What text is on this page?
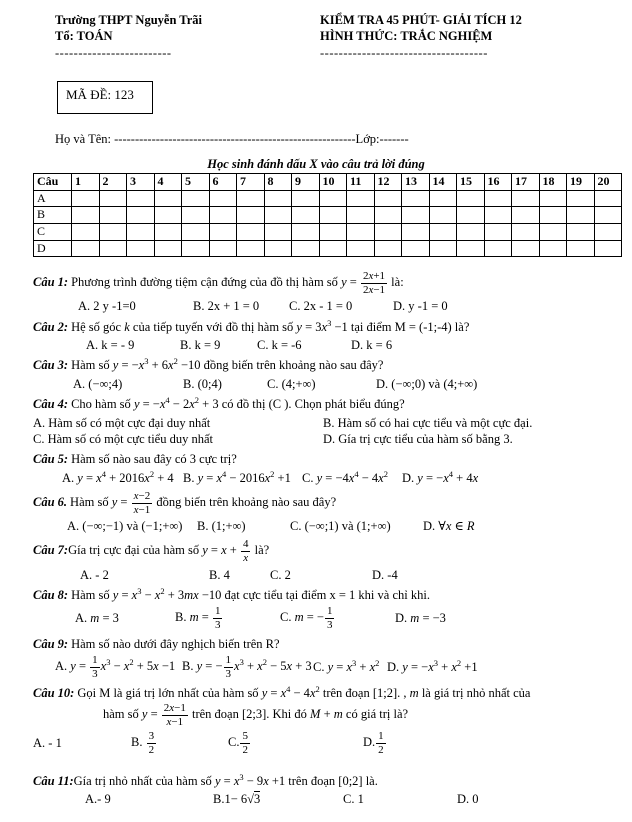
Trường THPT Nguyễn Trãi
Tổ: TOÁN
-------------------------
KIỂM TRA 45 PHÚT- GIẢI TÍCH 12
HÌNH THỨC: TRẮC NGHIỆM
------------------------------------
MÃ ĐỀ: 123
Họ và Tên: ----------------------------------------------------------Lớp:-------
Học sinh đánh dấu X vào câu trả lời đúng
Câu	1	2	3	4	5	6	7	8	9	10	11	12	13	14	15	16	17	18	19	20
A																				
B																				
C																				
D																				
Câu 1: Phương trình đường tiệm cận đứng của đồ thị hàm số $y = \frac{2x+1}{2x-1}$ là:
A. 2 y -1=0	B. 2x + 1 = 0	C. 2x - 1 = 0	D. y -1 = 0
Câu 2: Hệ số góc k của tiếp tuyến với đồ thị hàm số $y = 3x^3 -1$ tại điểm M = (-1;-4) là?
A. k = - 9	B. k = 9	C. k = -6	D. k = 6
Câu 3: Hàm số $y = -x^3 + 6x^2 -10$ đồng biến trên khoảng nào sau đây?
A. (−∞;4)	B. (0;4)	C. (4;+∞)	D. (−∞;0) và (4;+∞)
Câu 4: Cho hàm số $y = -x^4 - 2x^2 + 3$ có đồ thị (C ). Chọn phát biểu đúng?
A. Hàm số có một cực đại duy nhất	B. Hàm số có hai cực tiểu và một cực đại.
C. Hàm số có một cực tiểu duy nhất	D. Gía trị cực tiểu của hàm số bằng 3.
Câu 5: Hàm số nào sau đây có 3 cực trị?
A. $y = x^4 + 2016x^2 + 4$ B. $y = x^4 - 2016x^2 +1$ C. $y = -4x^4 - 4x^2$	D. $y = -x^4 + 4x$
Câu 6. Hàm số $y = \frac{x-2}{x-1}$ đồng biến trên khoảng nào sau đây?
A. (−∞;−1) và (−1;+∞)	B. (1;+∞)	C. (−∞;1) và (1;+∞)	D. ∀x ∈ R
Câu 7:Gía trị cực đại của hàm số $y = x + \frac{4}{x}$ là?
A. - 2	B. 4	C. 2	D. -4
Câu 8: Hàm số $y = x^3 - x^2 + 3mx -10$ đạt cực tiểu tại điểm x = 1 khi và chỉ khi.
A. m = 3	B. $m = \frac{1}{3}$	C. m = − $\frac{1}{3}$	D. m = −3
Câu 9: Hàm số nào dưới đây nghịch biến trên R?
A. $y = \frac{1}{3} x^3 - x^2 + 5x -1$ B. y = − $\frac{1}{3} x^3 + x^2 - 5x + 3$ C. $y = x^3 + x^2$ D. $y = -x^3 + x^2 +1$
Câu 10: Gọi M là giá trị lớn nhất của hàm số $y = x^4 - 4x^2$ trên đoạn [1;2]. , m là giá trị nhỏ nhất của
hàm số $y = \frac{2x-1}{x-1}$ trên đoạn [2;3]. Khi đó M + m có giá trị là?
A. - 1	B. $\frac{3}{2}$	C. $\frac{5}{2}$	D. $\frac{1}{2}$
Câu 11:Gía trị nhỏ nhất của hàm số $y = x^3 - 9x +1$ trên đoạn [0;2] là.
A.- 9	B.1− 6√3	C. 1	D. 0
